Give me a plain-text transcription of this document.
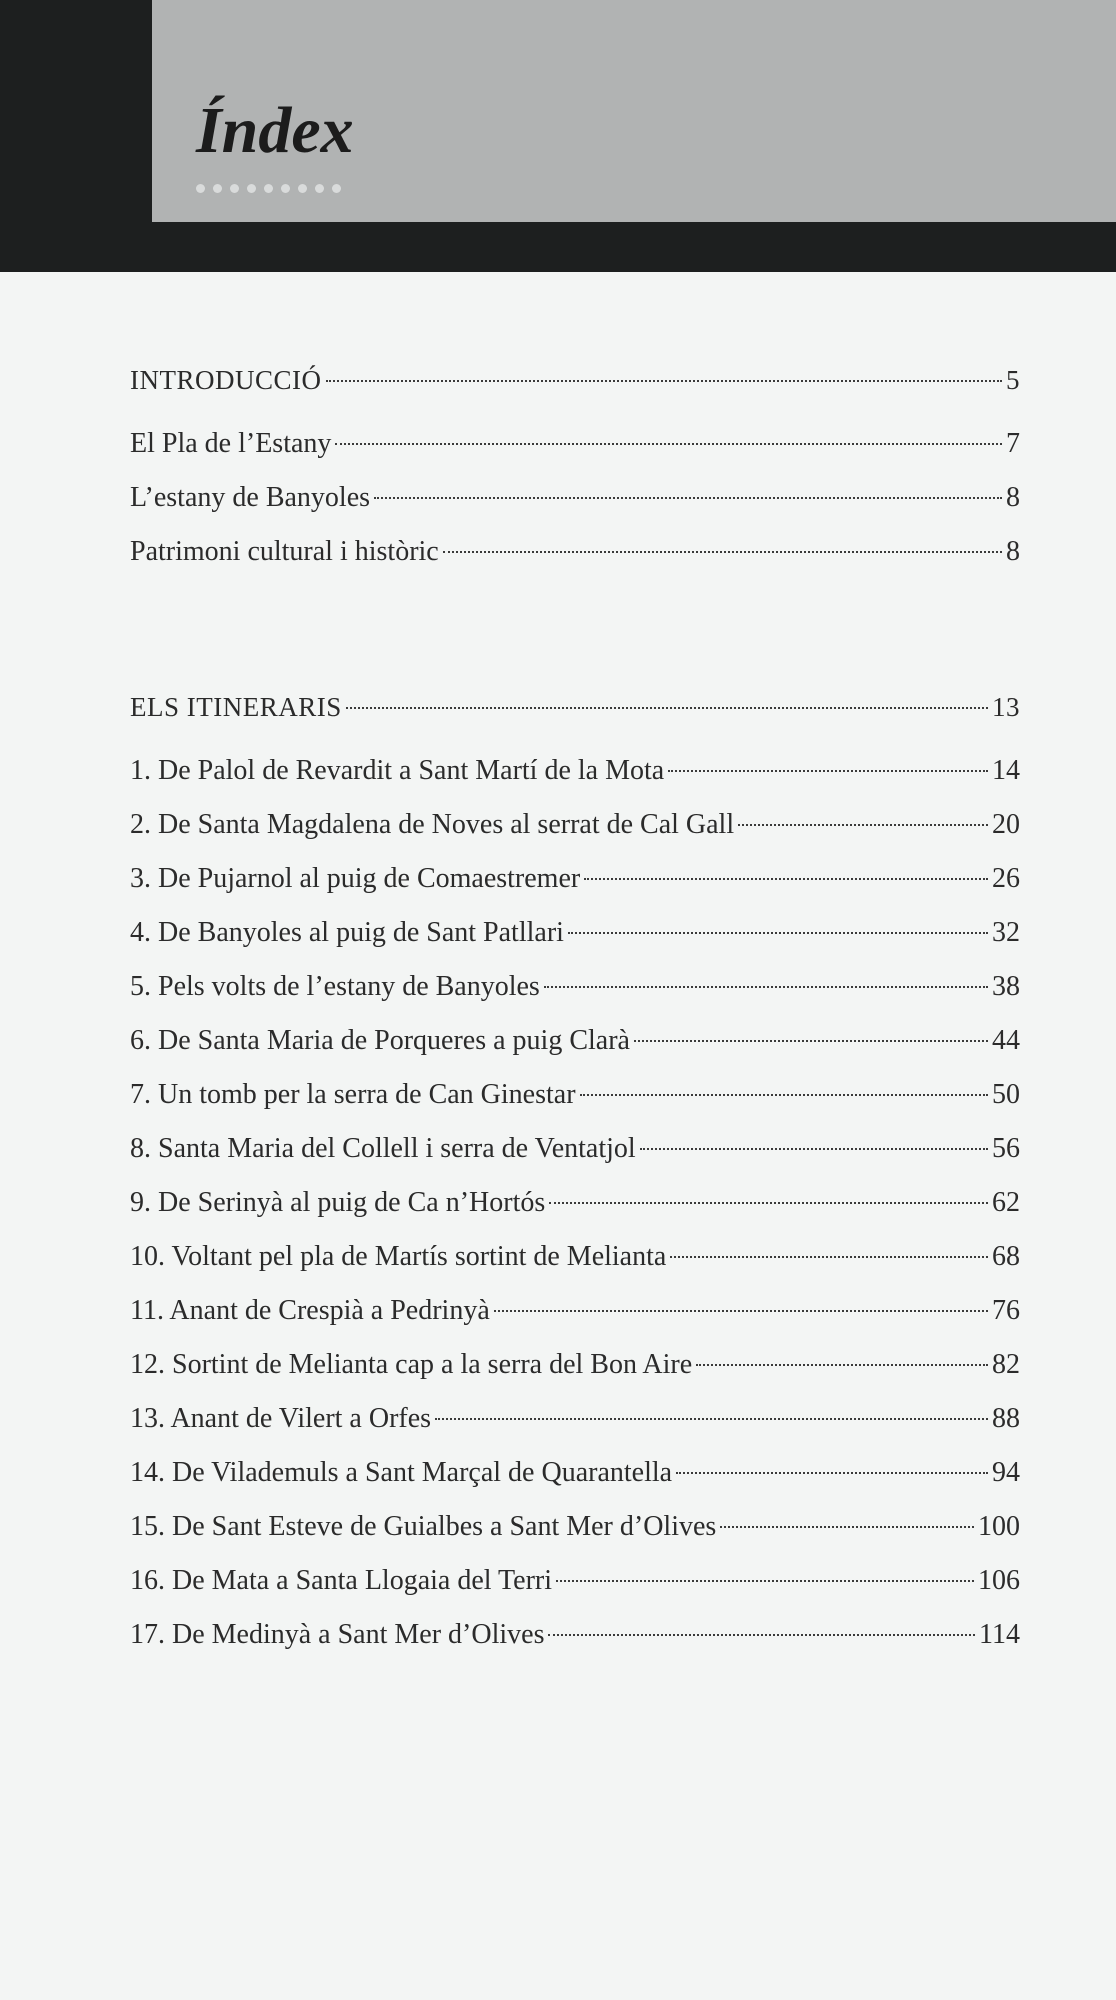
Índex
INTRODUCCIÓ	5
El Pla de l’Estany	7
L’estany de Banyoles	8
Patrimoni cultural i històric	8
ELS ITINERARIS	13
1. De Palol de Revardit a Sant Martí de la Mota	14
2. De Santa Magdalena de Noves al serrat de Cal Gall	20
3. De Pujarnol al puig de Comaestremer	26
4. De Banyoles al puig de Sant Patllari	32
5. Pels volts de l’estany de Banyoles	38
6. De Santa Maria de Porqueres a puig Clarà	44
7. Un tomb per la serra de Can Ginestar	50
8. Santa Maria del Collell i serra de Ventatjol	56
9. De Serinyà al puig de Ca n’Hortós	62
10. Voltant pel pla de Martís sortint de Melianta	68
11. Anant de Crespià a Pedrinyà	76
12. Sortint de Melianta cap a la serra del Bon Aire	82
13. Anant de Vilert a Orfes	88
14. De Vilademuls a Sant Marçal de Quarantella	94
15. De Sant Esteve de Guialbes a Sant Mer d’Olives	100
16. De Mata a Santa Llogaia del Terri	106
17. De Medinyà a Sant Mer d’Olives	114
